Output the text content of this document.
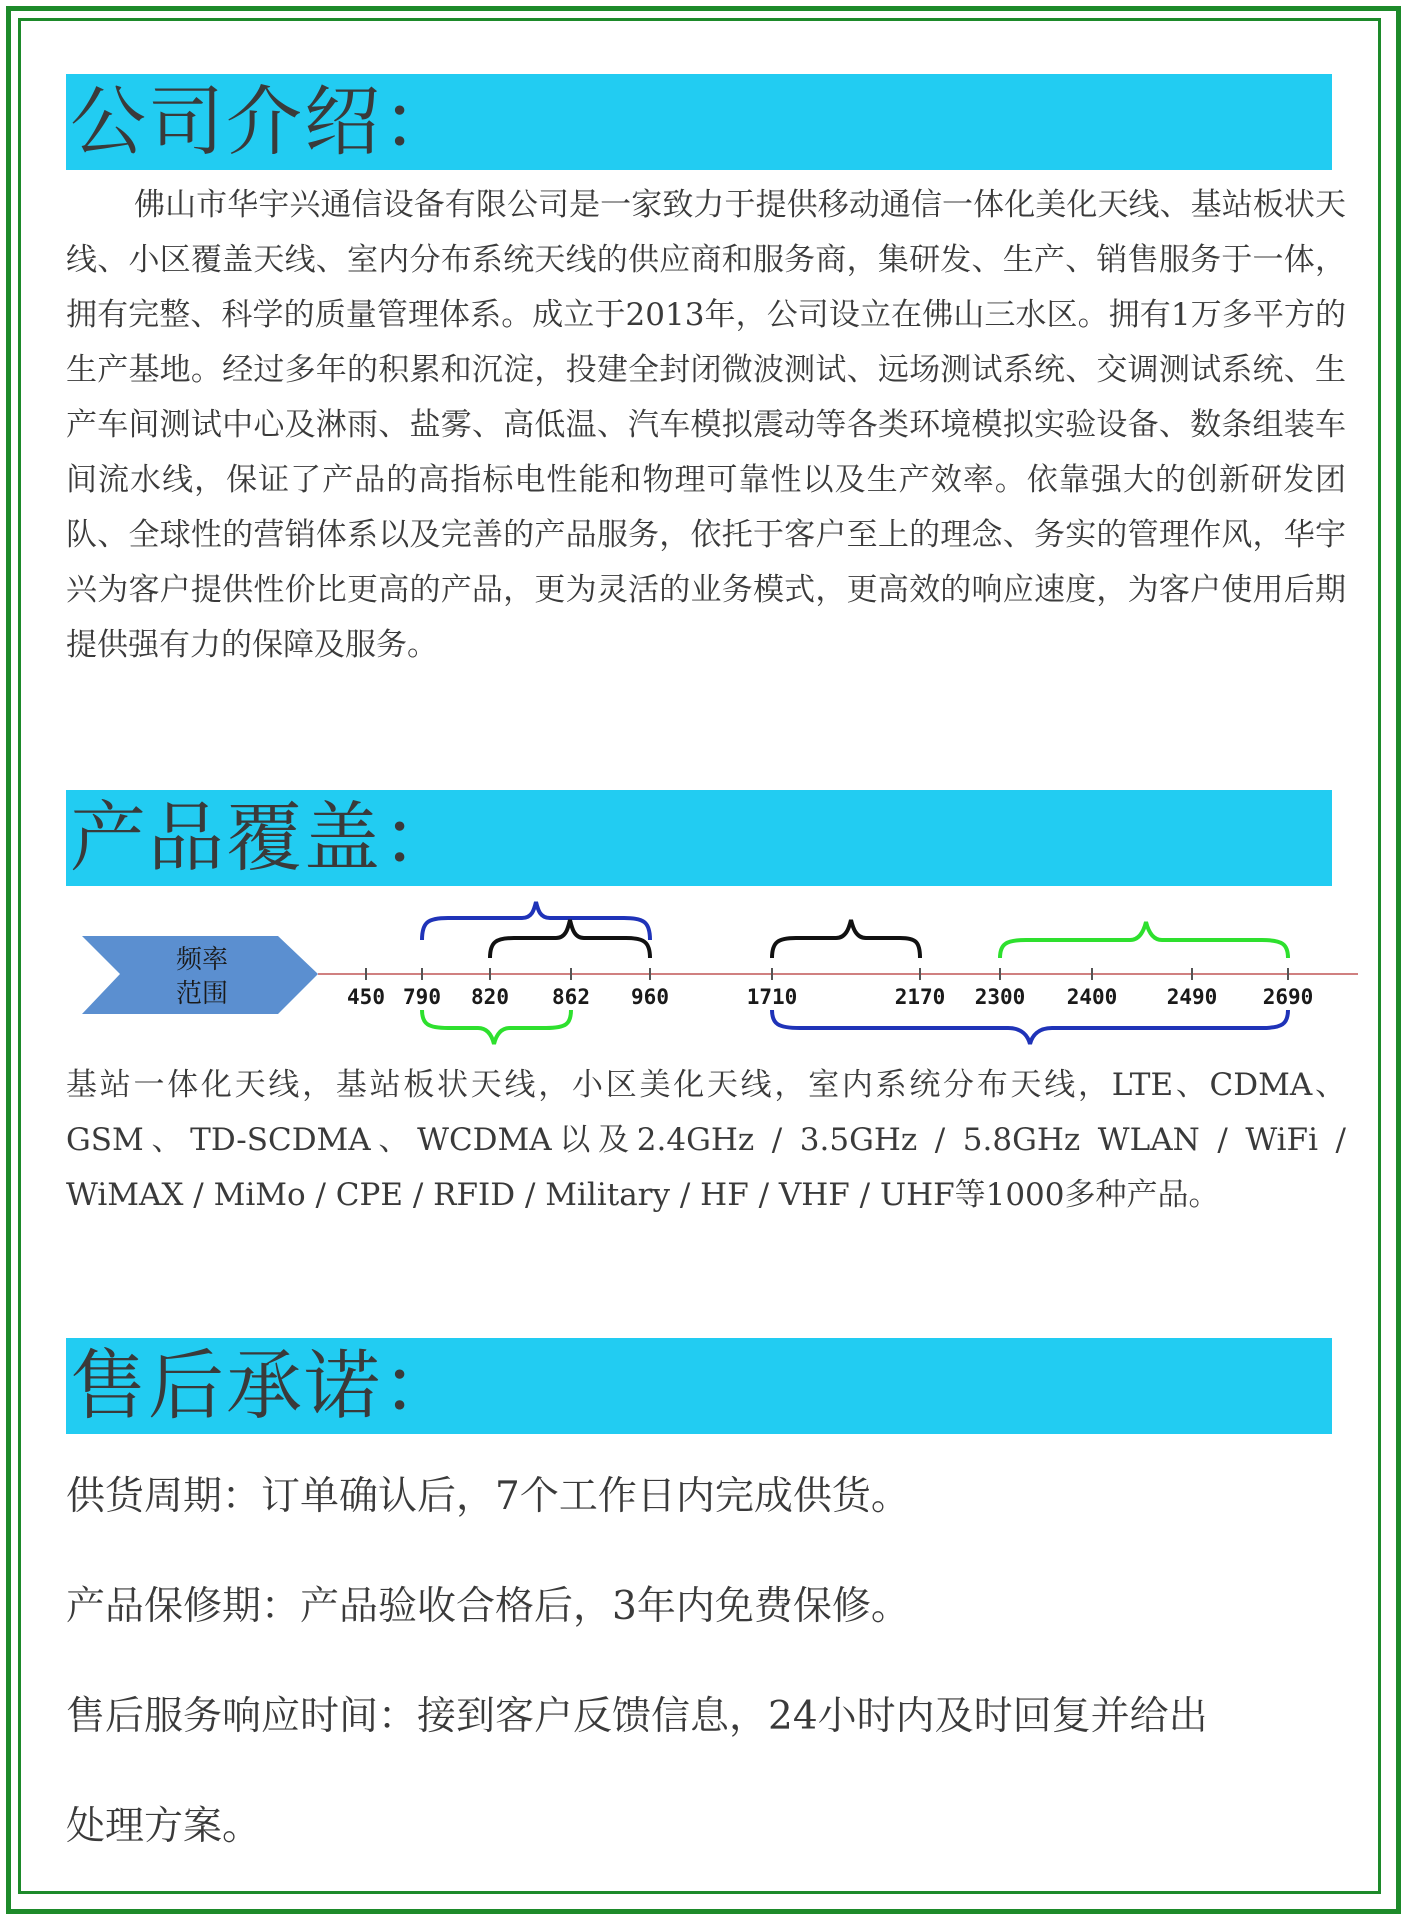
公司介绍：

佛山市华宇兴通信设备有限公司是一家致力于提供移动通信一体化美化天线、基站板状天线、小区覆盖天线、室内分布系统天线的供应商和服务商，集研发、生产、销售服务于一体，拥有完整、科学的质量管理体系。成立于2013年，公司设立在佛山三水区。拥有1万多平方的生产基地。经过多年的积累和沉淀，投建全封闭微波测试、远场测试系统、交调测试系统、生产车间测试中心及淋雨、盐雾、高低温、汽车模拟震动等各类环境模拟实验设备、数条组装车间流水线，保证了产品的高指标电性能和物理可靠性以及生产效率。依靠强大的创新研发团队、全球性的营销体系以及完善的产品服务，依托于客户至上的理念、务实的管理作风，华宇兴为客户提供性价比更高的产品，更为灵活的业务模式，更高效的响应速度，为客户使用后期提供强有力的保障及服务。

产品覆盖：
频率
范围	450 790 820 862 960	1710	2170 2300 2400 2490 2690

基站一体化天线，基站板状天线，小区美化天线，室内系统分布天线，LTE、CDMA、GSM、TD-SCDMA、WCDMA以及2.4GHz / 3.5GHz / 5.8GHz WLAN / WiFi / WiMAX / MiMo / CPE / RFID / Military / HF / VHF / UHF等1000多种产品。

售后承诺：

供货周期：订单确认后，7个工作日内完成供货。

产品保修期：产品验收合格后，3年内免费保修。

售后服务响应时间：接到客户反馈信息，24小时内及时回复并给出

处理方案。
